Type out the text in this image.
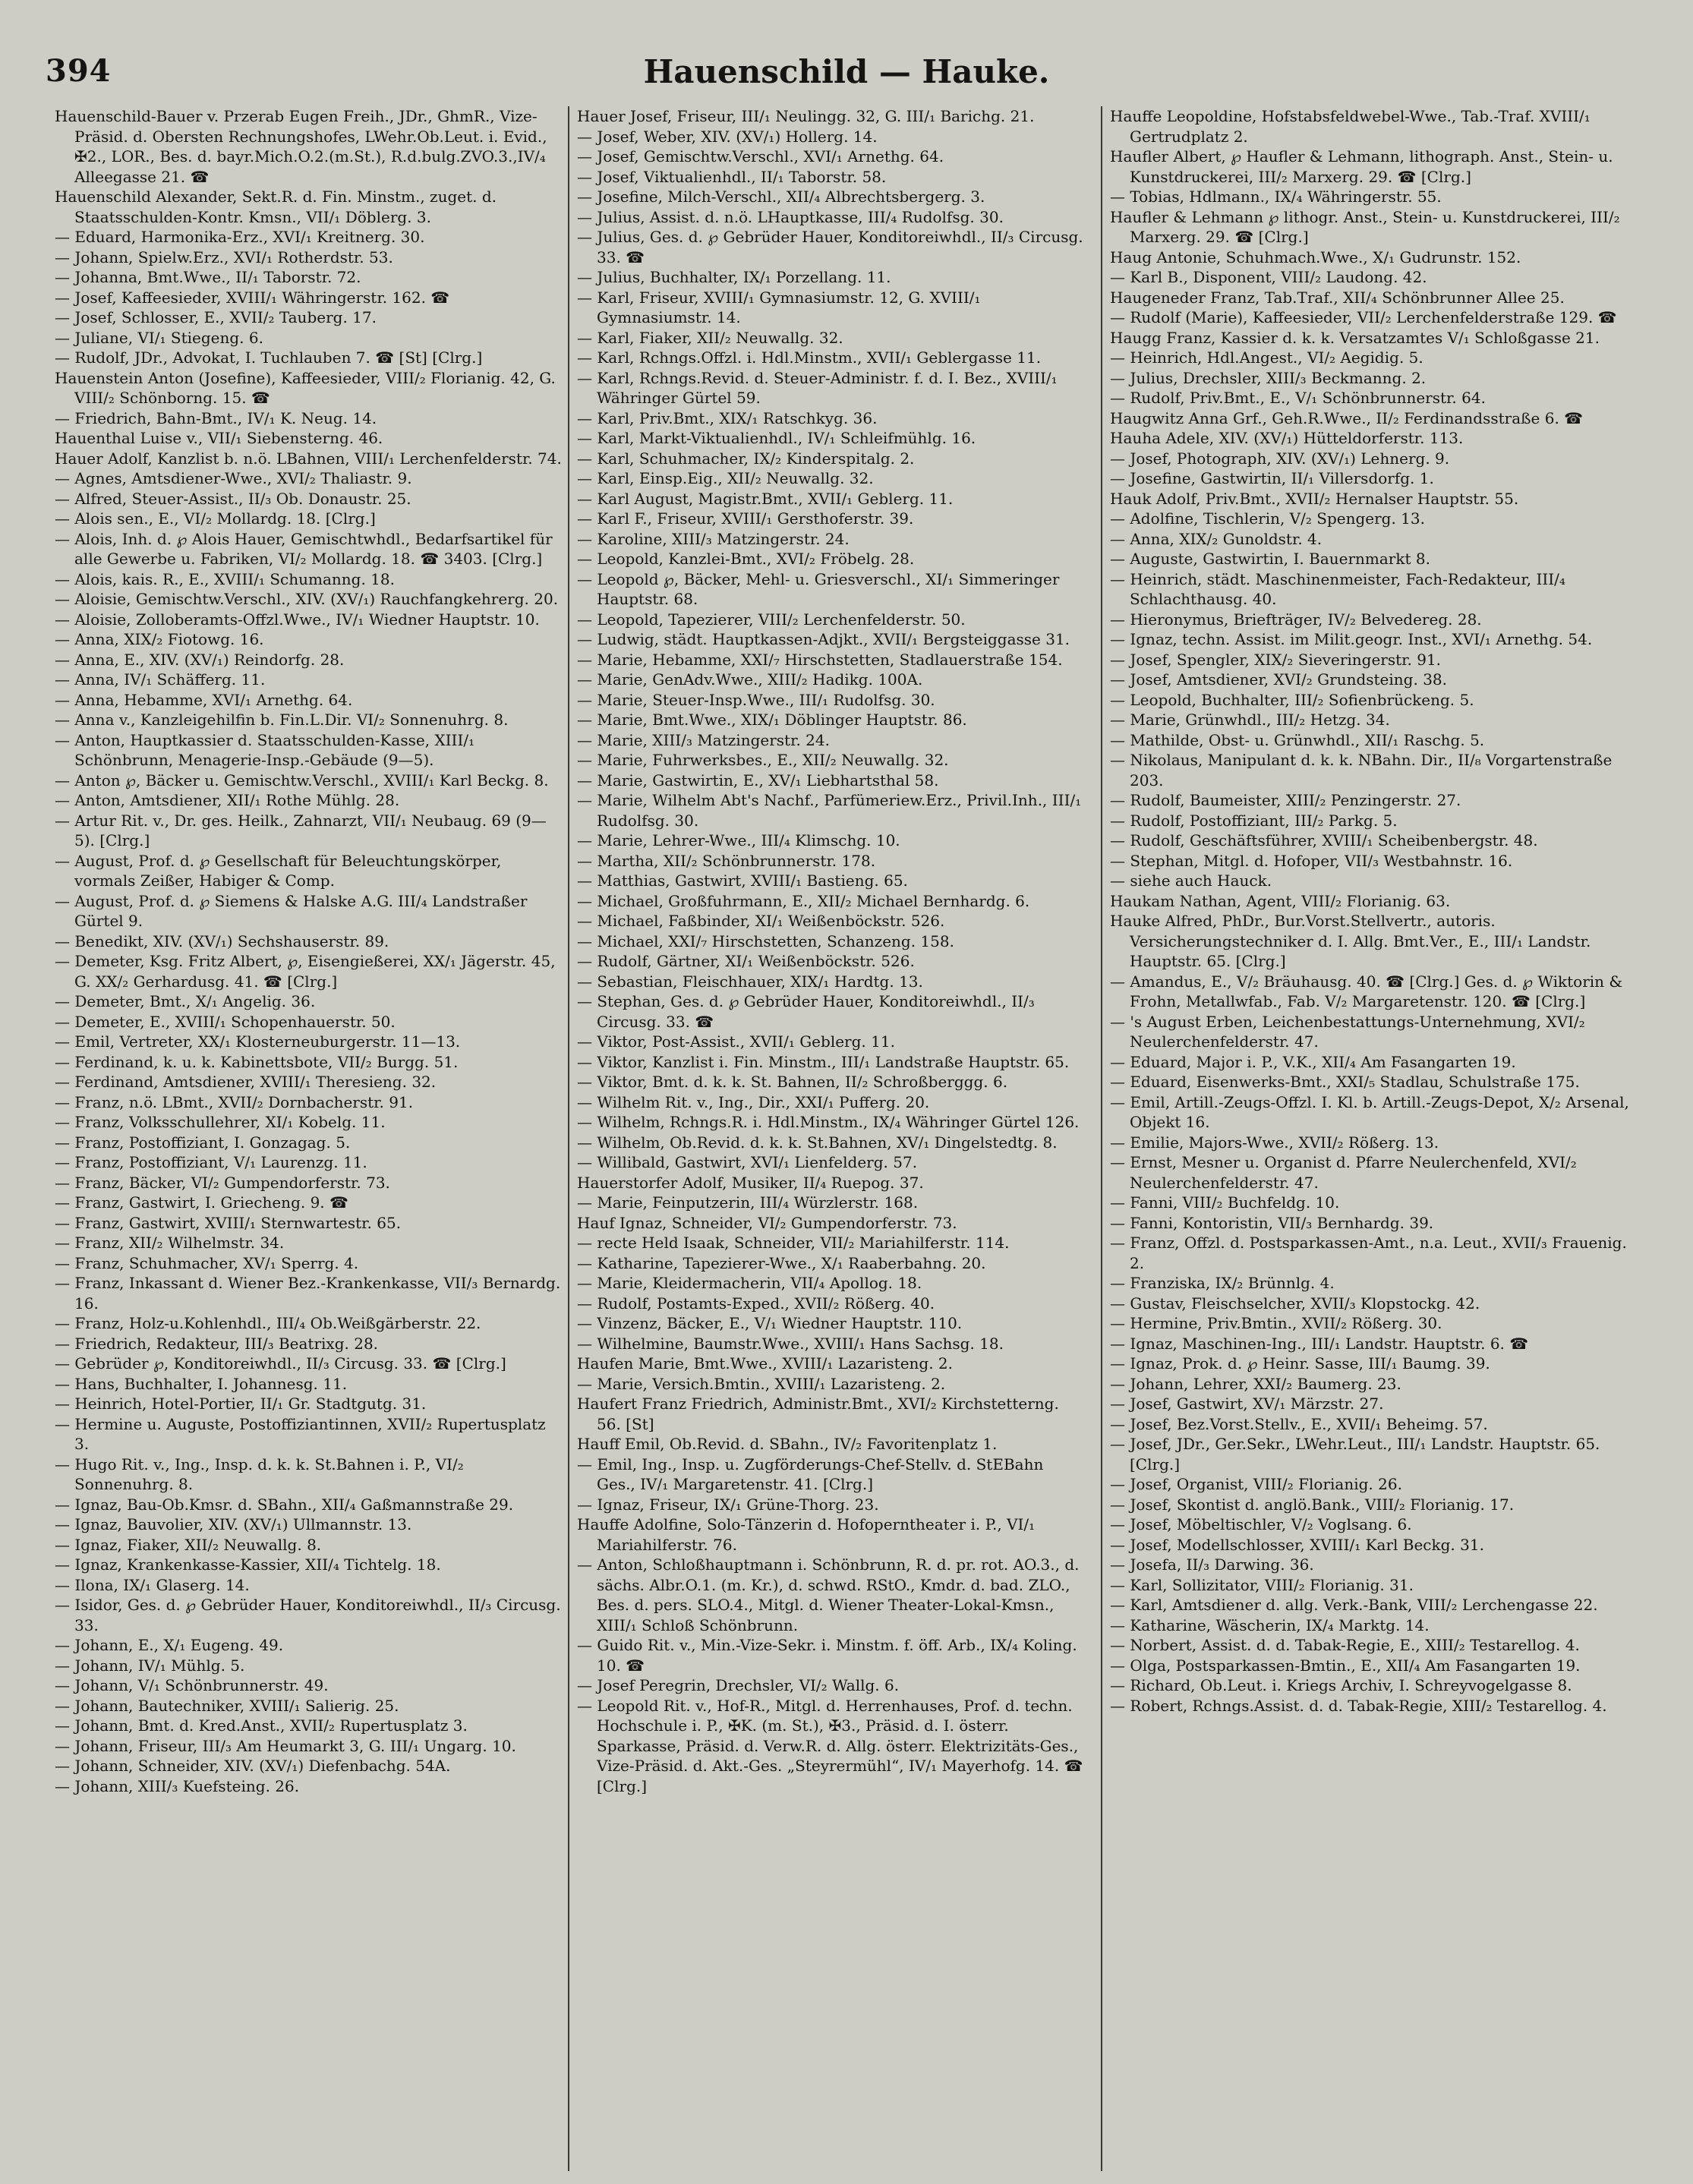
394	Hauenschild — Hauke.

Hauenschild-Bauer v. Przerab Eugen Freih., JDr., GhmR., Vize-Präsid. d. Obersten Rechnungshofes, LWehr.Ob.Leut. i. Evid., ✠2., LOR., Bes. d. bayr.Mich.O.2.(m.St.), R.d.bulg.ZVO.3.,IV/₄ Alleegasse 21. ☎

Hauenschild Alexander, Sekt.R. d. Fin. Minstm., zuget. d. Staatsschulden-Kontr. Kmsn., VII/₁ Döblerg. 3.

— Eduard, Harmonika-Erz., XVI/₁ Kreitnerg. 30.

— Johann, Spielw.Erz., XVI/₁ Rotherdstr. 53.

— Johanna, Bmt.Wwe., II/₁ Taborstr. 72.

— Josef, Kaffeesieder, XVIII/₁ Währingerstr. 162. ☎

— Josef, Schlosser, E., XVII/₂ Tauberg. 17.

— Juliane, VI/₁ Stiegeng. 6.

— Rudolf, JDr., Advokat, I. Tuchlauben 7. ☎ [St] [Clrg.]

Hauenstein Anton (Josefine), Kaffeesieder, VIII/₂ Florianig. 42, G. VIII/₂ Schönborng. 15. ☎

— Friedrich, Bahn-Bmt., IV/₁ K. Neug. 14.

Hauenthal Luise v., VII/₁ Siebensterng. 46.

Hauer Adolf, Kanzlist b. n.ö. LBahnen, VIII/₁ Lerchenfelderstr. 74.

— Agnes, Amtsdiener-Wwe., XVI/₂ Thaliastr. 9.

— Alfred, Steuer-Assist., II/₃ Ob. Donaustr. 25.

— Alois sen., E., VI/₂ Mollardg. 18. [Clrg.]

— Alois, Inh. d. ℘ Alois Hauer, Gemischtwhdl., Bedarfsartikel für alle Gewerbe u. Fabriken, VI/₂ Mollardg. 18. ☎ 3403. [Clrg.]

— Alois, kais. R., E., XVIII/₁ Schumanng. 18.

— Aloisie, Gemischtw.Verschl., XIV. (XV/₁) Rauchfangkehrerg. 20.

— Aloisie, Zolloberamts-Offzl.Wwe., IV/₁ Wiedner Hauptstr. 10.

— Anna, XIX/₂ Fiotowg. 16.

— Anna, E., XIV. (XV/₁) Reindorfg. 28.

— Anna, IV/₁ Schäfferg. 11.

— Anna, Hebamme, XVI/₁ Arnethg. 64.

— Anna v., Kanzleigehilfin b. Fin.L.Dir. VI/₂ Sonnenuhrg. 8.

— Anton, Hauptkassier d. Staatsschulden-Kasse, XIII/₁ Schönbrunn, Menagerie-Insp.-Gebäude (9—5).

— Anton ℘, Bäcker u. Gemischtw.Verschl., XVIII/₁ Karl Beckg. 8.

— Anton, Amtsdiener, XII/₁ Rothe Mühlg. 28.

— Artur Rit. v., Dr. ges. Heilk., Zahnarzt, VII/₁ Neubaug. 69 (9—5). [Clrg.]

— August, Prof. d. ℘ Gesellschaft für Beleuchtungskörper, vormals Zeißer, Habiger & Comp.

— August, Prof. d. ℘ Siemens & Halske A.G. III/₄ Landstraßer Gürtel 9.

— Benedikt, XIV. (XV/₁) Sechshauserstr. 89.

— Demeter, Ksg. Fritz Albert, ℘, Eisengießerei, XX/₁ Jägerstr. 45, G. XX/₂ Gerhardusg. 41. ☎ [Clrg.]

— Demeter, Bmt., X/₁ Angelig. 36.

— Demeter, E., XVIII/₁ Schopenhauerstr. 50.

— Emil, Vertreter, XX/₁ Klosterneuburgerstr. 11—13.

— Ferdinand, k. u. k. Kabinettsbote, VII/₂ Burgg. 51.

— Ferdinand, Amtsdiener, XVIII/₁ Theresieng. 32.

— Franz, n.ö. LBmt., XVII/₂ Dornbacherstr. 91.

— Franz, Volksschullehrer, XI/₁ Kobelg. 11.

— Franz, Postoffiziant, I. Gonzagag. 5.

— Franz, Postoffiziant, V/₁ Laurenzg. 11.

— Franz, Bäcker, VI/₂ Gumpendorferstr. 73.

— Franz, Gastwirt, I. Griecheng. 9. ☎

— Franz, Gastwirt, XVIII/₁ Sternwartestr. 65.

— Franz, XII/₂ Wilhelmstr. 34.

— Franz, Schuhmacher, XV/₁ Sperrg. 4.

— Franz, Inkassant d. Wiener Bez.-Krankenkasse, VII/₃ Bernardg. 16.

— Franz, Holz-u.Kohlenhdl., III/₄ Ob.Weißgärberstr. 22.

— Friedrich, Redakteur, III/₃ Beatrixg. 28.

— Gebrüder ℘, Konditoreiwhdl., II/₃ Circusg. 33. ☎ [Clrg.]

— Hans, Buchhalter, I. Johannesg. 11.

— Heinrich, Hotel-Portier, II/₁ Gr. Stadtgutg. 31.

— Hermine u. Auguste, Postoffiziantinnen, XVII/₂ Rupertusplatz 3.

— Hugo Rit. v., Ing., Insp. d. k. k. St.Bahnen i. P., VI/₂ Sonnenuhrg. 8.

— Ignaz, Bau-Ob.Kmsr. d. SBahn., XII/₄ Gaßmannstraße 29.

— Ignaz, Bauvolier, XIV. (XV/₁) Ullmannstr. 13.

— Ignaz, Fiaker, XII/₂ Neuwallg. 8.

— Ignaz, Krankenkasse-Kassier, XII/₄ Tichtelg. 18.

— Ilona, IX/₁ Glaserg. 14.

— Isidor, Ges. d. ℘ Gebrüder Hauer, Konditoreiwhdl., II/₃ Circusg. 33.

— Johann, E., X/₁ Eugeng. 49.

— Johann, IV/₁ Mühlg. 5.

— Johann, V/₁ Schönbrunnerstr. 49.

— Johann, Bautechniker, XVIII/₁ Salierig. 25.

— Johann, Bmt. d. Kred.Anst., XVII/₂ Rupertusplatz 3.

— Johann, Friseur, III/₃ Am Heumarkt 3, G. III/₁ Ungarg. 10.

— Johann, Schneider, XIV. (XV/₁) Diefenbachg. 54A.

— Johann, XIII/₃ Kuefsteing. 26.

Hauer Josef, Friseur, III/₁ Neulingg. 32, G. III/₁ Barichg. 21.

— Josef, Weber, XIV. (XV/₁) Hollerg. 14.

— Josef, Gemischtw.Verschl., XVI/₁ Arnethg. 64.

— Josef, Viktualienhdl., II/₁ Taborstr. 58.

— Josefine, Milch-Verschl., XII/₄ Albrechtsbergerg. 3.

— Julius, Assist. d. n.ö. LHauptkasse, III/₄ Rudolfsg. 30.

— Julius, Ges. d. ℘ Gebrüder Hauer, Konditoreiwhdl., II/₃ Circusg. 33. ☎

— Julius, Buchhalter, IX/₁ Porzellang. 11.

— Karl, Friseur, XVIII/₁ Gymnasiumstr. 12, G. XVIII/₁ Gymnasiumstr. 14.

— Karl, Fiaker, XII/₂ Neuwallg. 32.

— Karl, Rchngs.Offzl. i. Hdl.Minstm., XVII/₁ Geblergasse 11.

— Karl, Rchngs.Revid. d. Steuer-Administr. f. d. I. Bez., XVIII/₁ Währinger Gürtel 59.

— Karl, Priv.Bmt., XIX/₁ Ratschkyg. 36.

— Karl, Markt-Viktualienhdl., IV/₁ Schleifmühlg. 16.

— Karl, Schuhmacher, IX/₂ Kinderspitalg. 2.

— Karl, Einsp.Eig., XII/₂ Neuwallg. 32.

— Karl August, Magistr.Bmt., XVII/₁ Geblerg. 11.

— Karl F., Friseur, XVIII/₁ Gersthoferstr. 39.

— Karoline, XIII/₃ Matzingerstr. 24.

— Leopold, Kanzlei-Bmt., XVI/₂ Fröbelg. 28.

— Leopold ℘, Bäcker, Mehl- u. Griesverschl., XI/₁ Simmeringer Hauptstr. 68.

— Leopold, Tapezierer, VIII/₂ Lerchenfelderstr. 50.

— Ludwig, städt. Hauptkassen-Adjkt., XVII/₁ Bergsteiggasse 31.

— Marie, Hebamme, XXI/₇ Hirschstetten, Stadlauerstraße 154.

— Marie, GenAdv.Wwe., XIII/₂ Hadikg. 100A.

— Marie, Steuer-Insp.Wwe., III/₁ Rudolfsg. 30.

— Marie, Bmt.Wwe., XIX/₁ Döblinger Hauptstr. 86.

— Marie, XIII/₃ Matzingerstr. 24.

— Marie, Fuhrwerksbes., E., XII/₂ Neuwallg. 32.

— Marie, Gastwirtin, E., XV/₁ Liebhartsthal 58.

— Marie, Wilhelm Abt's Nachf., Parfümeriew.Erz., Privil.Inh., III/₁ Rudolfsg. 30.

— Marie, Lehrer-Wwe., III/₄ Klimschg. 10.

— Martha, XII/₂ Schönbrunnerstr. 178.

— Matthias, Gastwirt, XVIII/₁ Bastieng. 65.

— Michael, Großfuhrmann, E., XII/₂ Michael Bernhardg. 6.

— Michael, Faßbinder, XI/₁ Weißenböckstr. 526.

— Michael, XXI/₇ Hirschstetten, Schanzeng. 158.

— Rudolf, Gärtner, XI/₁ Weißenböckstr. 526.

— Sebastian, Fleischhauer, XIX/₁ Hardtg. 13.

— Stephan, Ges. d. ℘ Gebrüder Hauer, Konditoreiwhdl., II/₃ Circusg. 33. ☎

— Viktor, Post-Assist., XVII/₁ Geblerg. 11.

— Viktor, Kanzlist i. Fin. Minstm., III/₁ Landstraße Hauptstr. 65.

— Viktor, Bmt. d. k. k. St. Bahnen, II/₂ Schroßberggg. 6.

— Wilhelm Rit. v., Ing., Dir., XXI/₁ Pufferg. 20.

— Wilhelm, Rchngs.R. i. Hdl.Minstm., IX/₄ Währinger Gürtel 126.

— Wilhelm, Ob.Revid. d. k. k. St.Bahnen, XV/₁ Dingelstedtg. 8.

— Willibald, Gastwirt, XVI/₁ Lienfelderg. 57.

Hauerstorfer Adolf, Musiker, II/₄ Ruepog. 37.

— Marie, Feinputzerin, III/₄ Würzlerstr. 168.

Hauf Ignaz, Schneider, VI/₂ Gumpendorferstr. 73.

— recte Held Isaak, Schneider, VII/₂ Mariahilferstr. 114.

— Katharine, Tapezierer-Wwe., X/₁ Raaberbahng. 20.

— Marie, Kleidermacherin, VII/₄ Apollog. 18.

— Rudolf, Postamts-Exped., XVII/₂ Rößerg. 40.

— Vinzenz, Bäcker, E., V/₁ Wiedner Hauptstr. 110.

— Wilhelmine, Baumstr.Wwe., XVIII/₁ Hans Sachsg. 18.

Haufen Marie, Bmt.Wwe., XVIII/₁ Lazaristeng. 2.

— Marie, Versich.Bmtin., XVIII/₁ Lazaristeng. 2.

Haufert Franz Friedrich, Administr.Bmt., XVI/₂ Kirchstetterng. 56. [St]

Hauff Emil, Ob.Revid. d. SBahn., IV/₂ Favoritenplatz 1.

— Emil, Ing., Insp. u. Zugförderungs-Chef-Stellv. d. StEBahn Ges., IV/₁ Margaretenstr. 41. [Clrg.]

— Ignaz, Friseur, IX/₁ Grüne-Thorg. 23.

Hauffe Adolfine, Solo-Tänzerin d. Hofoperntheater i. P., VI/₁ Mariahilferstr. 76.

— Anton, Schloßhauptmann i. Schönbrunn, R. d. pr. rot. AO.3., d. sächs. Albr.O.1. (m. Kr.), d. schwd. RStO., Kmdr. d. bad. ZLO., Bes. d. pers. SLO.4., Mitgl. d. Wiener Theater-Lokal-Kmsn., XIII/₁ Schloß Schönbrunn.

— Guido Rit. v., Min.-Vize-Sekr. i. Minstm. f. öff. Arb., IX/₄ Koling. 10. ☎

— Josef Peregrin, Drechsler, VI/₂ Wallg. 6.

— Leopold Rit. v., Hof-R., Mitgl. d. Herrenhauses, Prof. d. techn. Hochschule i. P., ✠K. (m. St.), ✠3., Präsid. d. I. österr. Sparkasse, Präsid. d. Verw.R. d. Allg. österr. Elektrizitäts-Ges., Vize-Präsid. d. Akt.-Ges. „Steyrermühl“, IV/₁ Mayerhofg. 14. ☎ [Clrg.]

Hauffe Leopoldine, Hofstabsfeldwebel-Wwe., Tab.-Traf. XVIII/₁ Gertrudplatz 2.

Haufler Albert, ℘ Haufler & Lehmann, lithograph. Anst., Stein- u. Kunstdruckerei, III/₂ Marxerg. 29. ☎ [Clrg.]

— Tobias, Hdlmann., IX/₄ Währingerstr. 55.

Haufler & Lehmann ℘ lithogr. Anst., Stein- u. Kunstdruckerei, III/₂ Marxerg. 29. ☎ [Clrg.]

Haug Antonie, Schuhmach.Wwe., X/₁ Gudrunstr. 152.

— Karl B., Disponent, VIII/₂ Laudong. 42.

Haugeneder Franz, Tab.Traf., XII/₄ Schönbrunner Allee 25.

— Rudolf (Marie), Kaffeesieder, VII/₂ Lerchenfelderstraße 129. ☎

Haugg Franz, Kassier d. k. k. Versatzamtes V/₁ Schloßgasse 21.

— Heinrich, Hdl.Angest., VI/₂ Aegidig. 5.

— Julius, Drechsler, XIII/₃ Beckmanng. 2.

— Rudolf, Priv.Bmt., E., V/₁ Schönbrunnerstr. 64.

Haugwitz Anna Grf., Geh.R.Wwe., II/₂ Ferdinandsstraße 6. ☎

Hauha Adele, XIV. (XV/₁) Hütteldorferstr. 113.

— Josef, Photograph, XIV. (XV/₁) Lehnerg. 9.

— Josefine, Gastwirtin, II/₁ Villersdorfg. 1.

Hauk Adolf, Priv.Bmt., XVII/₂ Hernalser Hauptstr. 55.

— Adolfine, Tischlerin, V/₂ Spengerg. 13.

— Anna, XIX/₂ Gunoldstr. 4.

— Auguste, Gastwirtin, I. Bauernmarkt 8.

— Heinrich, städt. Maschinenmeister, Fach-Redakteur, III/₄ Schlachthausg. 40.

— Hieronymus, Briefträger, IV/₂ Belvedereg. 28.

— Ignaz, techn. Assist. im Milit.geogr. Inst., XVI/₁ Arnethg. 54.

— Josef, Spengler, XIX/₂ Sieveringerstr. 91.

— Josef, Amtsdiener, XVI/₂ Grundsteing. 38.

— Leopold, Buchhalter, III/₂ Sofienbrückeng. 5.

— Marie, Grünwhdl., III/₂ Hetzg. 34.

— Mathilde, Obst- u. Grünwhdl., XII/₁ Raschg. 5.

— Nikolaus, Manipulant d. k. k. NBahn. Dir., II/₈ Vorgartenstraße 203.

— Rudolf, Baumeister, XIII/₂ Penzingerstr. 27.

— Rudolf, Postoffiziant, III/₂ Parkg. 5.

— Rudolf, Geschäftsführer, XVIII/₁ Scheibenbergstr. 48.

— Stephan, Mitgl. d. Hofoper, VII/₃ Westbahnstr. 16.

— siehe auch Hauck.

Haukam Nathan, Agent, VIII/₂ Florianig. 63.

Hauke Alfred, PhDr., Bur.Vorst.Stellvertr., autoris. Versicherungstechniker d. I. Allg. Bmt.Ver., E., III/₁ Landstr. Hauptstr. 65. [Clrg.]

— Amandus, E., V/₂ Bräuhausg. 40. ☎ [Clrg.] Ges. d. ℘ Wiktorin & Frohn, Metallwfab., Fab. V/₂ Margaretenstr. 120. ☎ [Clrg.]

— 's August Erben, Leichenbestattungs-Unternehmung, XVI/₂ Neulerchenfelderstr. 47.

— Eduard, Major i. P., V.K., XII/₄ Am Fasangarten 19.

— Eduard, Eisenwerks-Bmt., XXI/₅ Stadlau, Schulstraße 175.

— Emil, Artill.-Zeugs-Offzl. I. Kl. b. Artill.-Zeugs-Depot, X/₂ Arsenal, Objekt 16.

— Emilie, Majors-Wwe., XVII/₂ Rößerg. 13.

— Ernst, Mesner u. Organist d. Pfarre Neulerchenfeld, XVI/₂ Neulerchenfelderstr. 47.

— Fanni, VIII/₂ Buchfeldg. 10.

— Fanni, Kontoristin, VII/₃ Bernhardg. 39.

— Franz, Offzl. d. Postsparkassen-Amt., n.a. Leut., XVII/₃ Frauenig. 2.

— Franziska, IX/₂ Brünnlg. 4.

— Gustav, Fleischselcher, XVII/₃ Klopstockg. 42.

— Hermine, Priv.Bmtin., XVII/₂ Rößerg. 30.

— Ignaz, Maschinen-Ing., III/₁ Landstr. Hauptstr. 6. ☎

— Ignaz, Prok. d. ℘ Heinr. Sasse, III/₁ Baumg. 39.

— Johann, Lehrer, XXI/₂ Baumerg. 23.

— Josef, Gastwirt, XV/₁ Märzstr. 27.

— Josef, Bez.Vorst.Stellv., E., XVII/₁ Beheimg. 57.

— Josef, JDr., Ger.Sekr., LWehr.Leut., III/₁ Landstr. Hauptstr. 65. [Clrg.]

— Josef, Organist, VIII/₂ Florianig. 26.

— Josef, Skontist d. anglö.Bank., VIII/₂ Florianig. 17.

— Josef, Möbeltischler, V/₂ Voglsang. 6.

— Josef, Modellschlosser, XVIII/₁ Karl Beckg. 31.

— Josefa, II/₃ Darwing. 36.

— Karl, Sollizitator, VIII/₂ Florianig. 31.

— Karl, Amtsdiener d. allg. Verk.-Bank, VIII/₂ Lerchengasse 22.

— Katharine, Wäscherin, IX/₄ Marktg. 14.

— Norbert, Assist. d. d. Tabak-Regie, E., XIII/₂ Testarellog. 4.

— Olga, Postsparkassen-Bmtin., E., XII/₄ Am Fasangarten 19.

— Richard, Ob.Leut. i. Kriegs Archiv, I. Schreyvogelgasse 8.

— Robert, Rchngs.Assist. d. d. Tabak-Regie, XIII/₂ Testarellog. 4.
